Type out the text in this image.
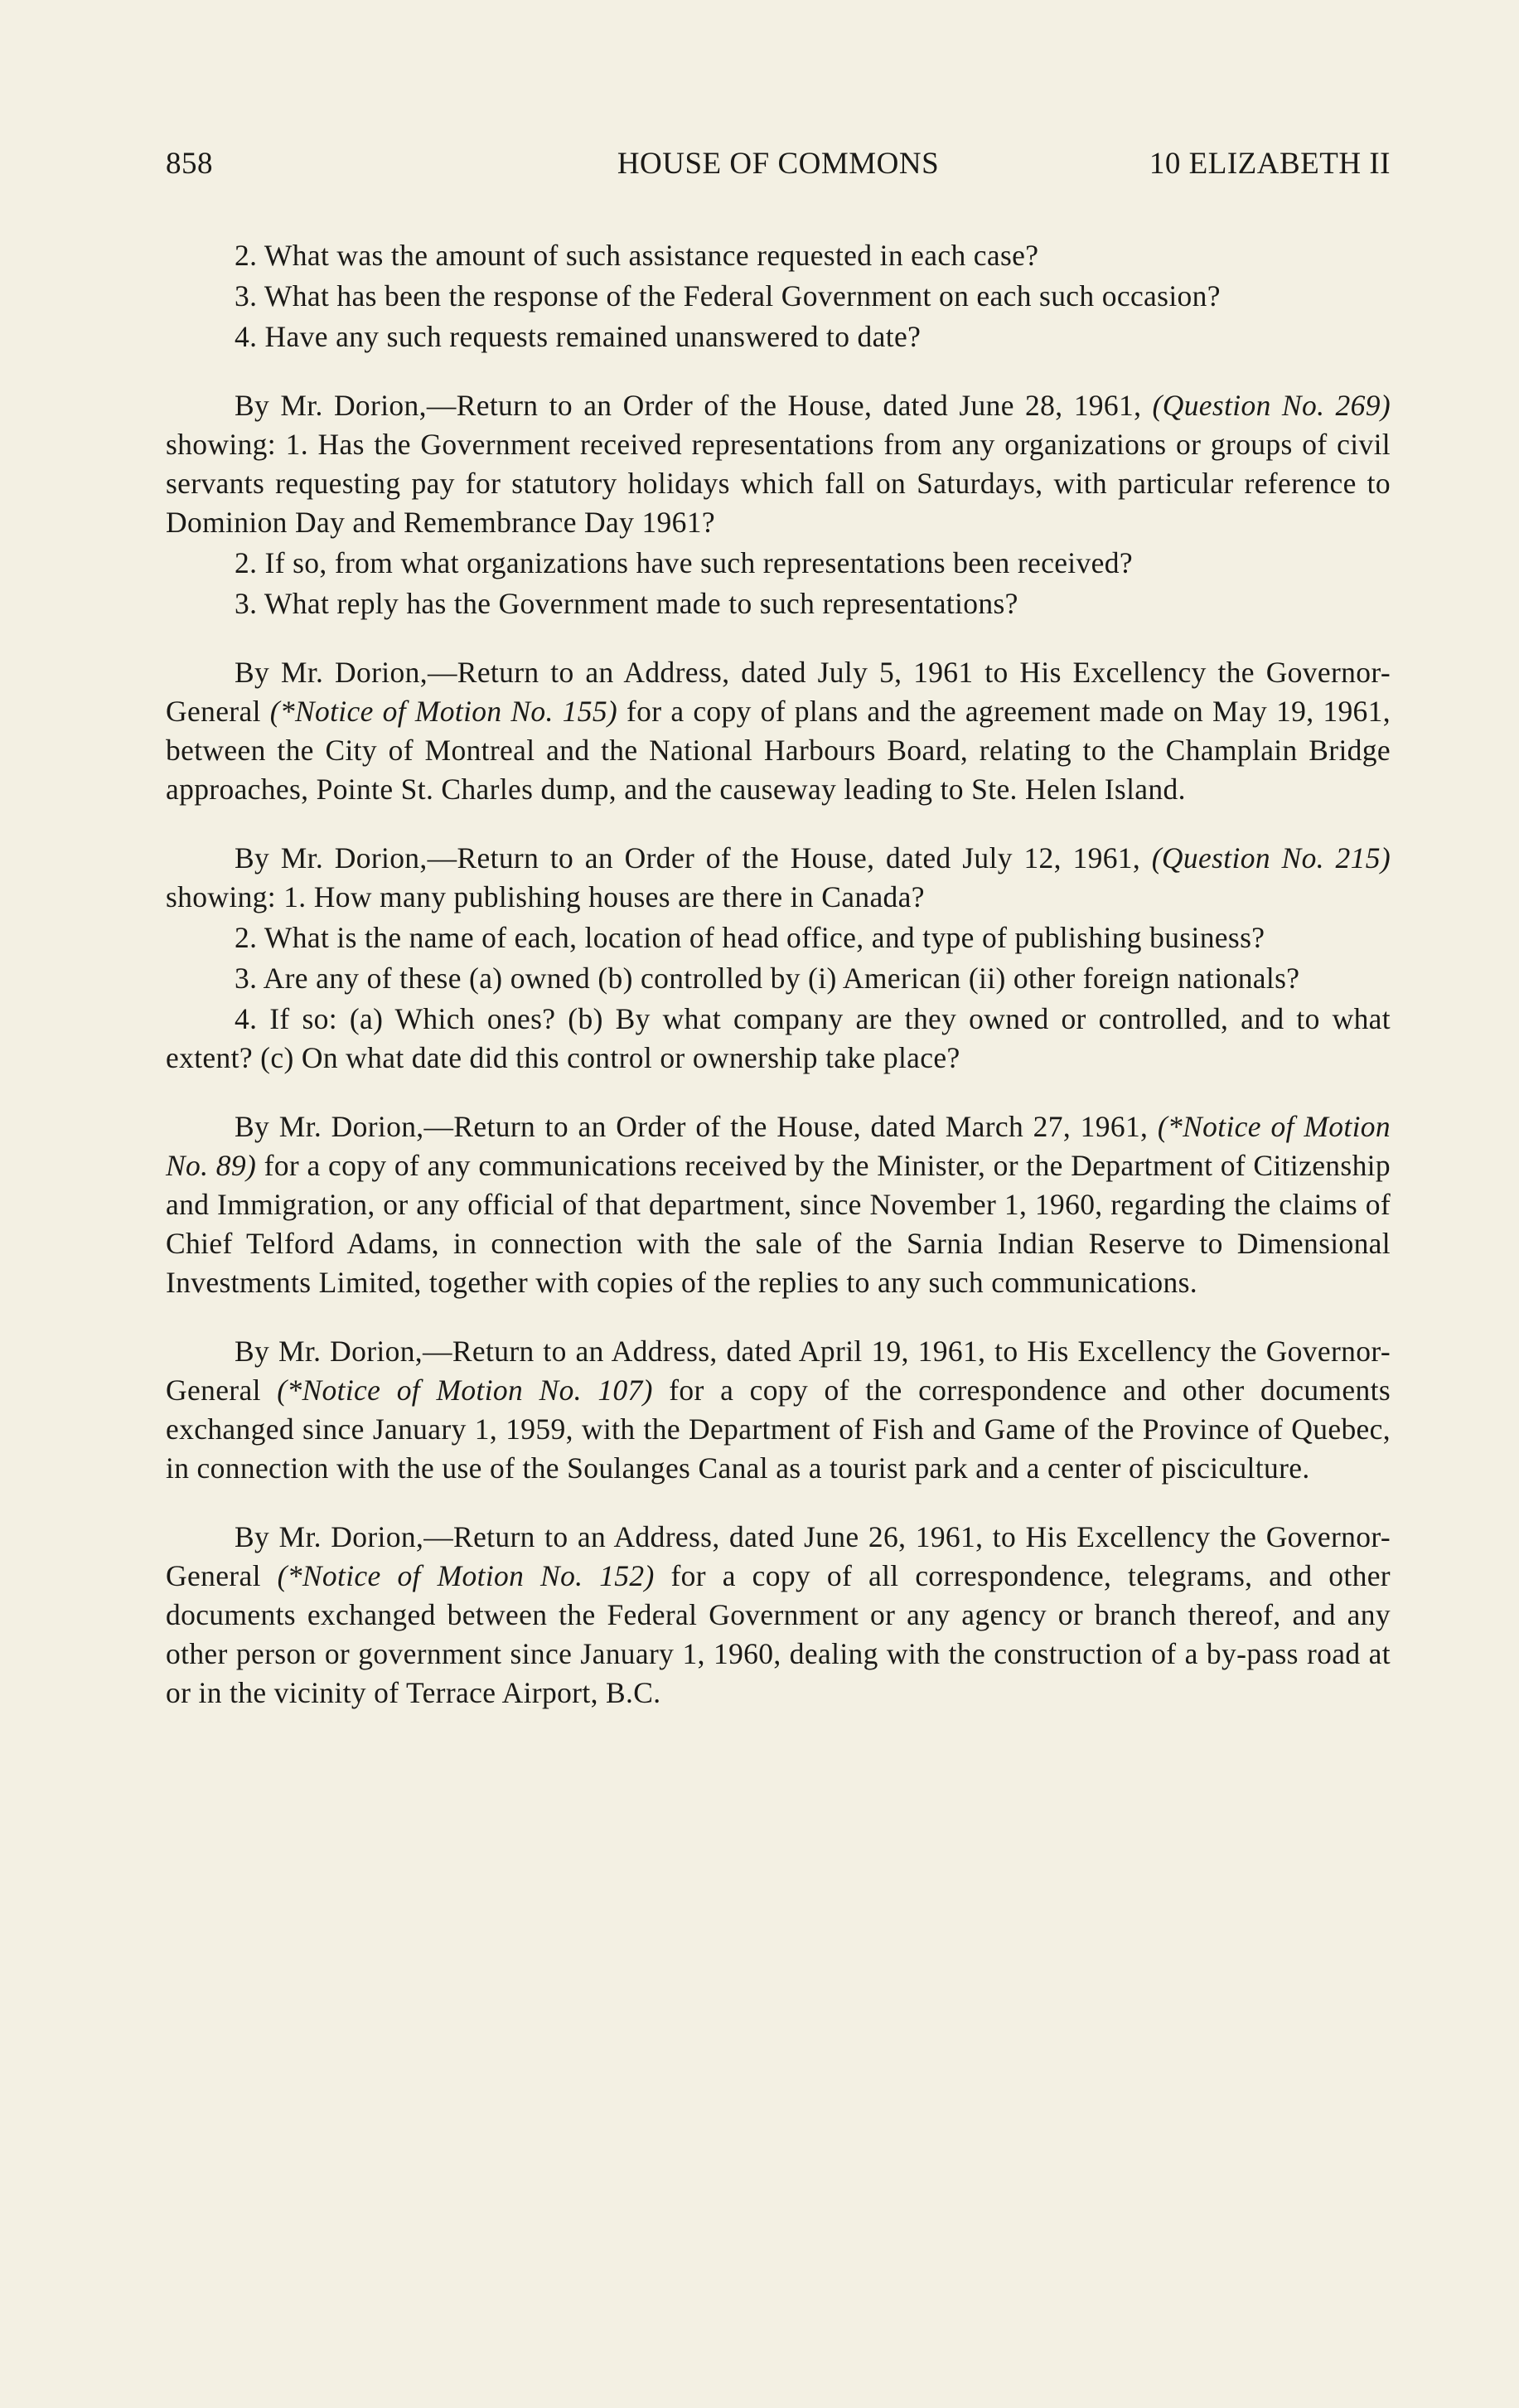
858	HOUSE OF COMMONS	10 ELIZABETH II

2. What was the amount of such assistance requested in each case?

3. What has been the response of the Federal Government on each such occasion?

4. Have any such requests remained unanswered to date?

By Mr. Dorion,—Return to an Order of the House, dated June 28, 1961, (Question No. 269) showing: 1. Has the Government received representations from any organizations or groups of civil servants requesting pay for statutory holidays which fall on Saturdays, with particular reference to Dominion Day and Remembrance Day 1961?

2. If so, from what organizations have such representations been received?

3. What reply has the Government made to such representations?

By Mr. Dorion,—Return to an Address, dated July 5, 1961 to His Excellency the Governor-General (*Notice of Motion No. 155) for a copy of plans and the agreement made on May 19, 1961, between the City of Montreal and the National Harbours Board, relating to the Champlain Bridge approaches, Pointe St. Charles dump, and the causeway leading to Ste. Helen Island.

By Mr. Dorion,—Return to an Order of the House, dated July 12, 1961, (Question No. 215) showing: 1. How many publishing houses are there in Canada?

2. What is the name of each, location of head office, and type of publishing business?

3. Are any of these (a) owned (b) controlled by (i) American (ii) other foreign nationals?

4. If so: (a) Which ones? (b) By what company are they owned or controlled, and to what extent? (c) On what date did this control or ownership take place?

By Mr. Dorion,—Return to an Order of the House, dated March 27, 1961, (*Notice of Motion No. 89) for a copy of any communications received by the Minister, or the Department of Citizenship and Immigration, or any official of that department, since November 1, 1960, regarding the claims of Chief Telford Adams, in connection with the sale of the Sarnia Indian Reserve to Dimensional Investments Limited, together with copies of the replies to any such communications.

By Mr. Dorion,—Return to an Address, dated April 19, 1961, to His Excellency the Governor-General (*Notice of Motion No. 107) for a copy of the correspondence and other documents exchanged since January 1, 1959, with the Department of Fish and Game of the Province of Quebec, in connection with the use of the Soulanges Canal as a tourist park and a center of pisciculture.

By Mr. Dorion,—Return to an Address, dated June 26, 1961, to His Excellency the Governor-General (*Notice of Motion No. 152) for a copy of all correspondence, telegrams, and other documents exchanged between the Federal Government or any agency or branch thereof, and any other person or government since January 1, 1960, dealing with the construction of a by-pass road at or in the vicinity of Terrace Airport, B.C.
